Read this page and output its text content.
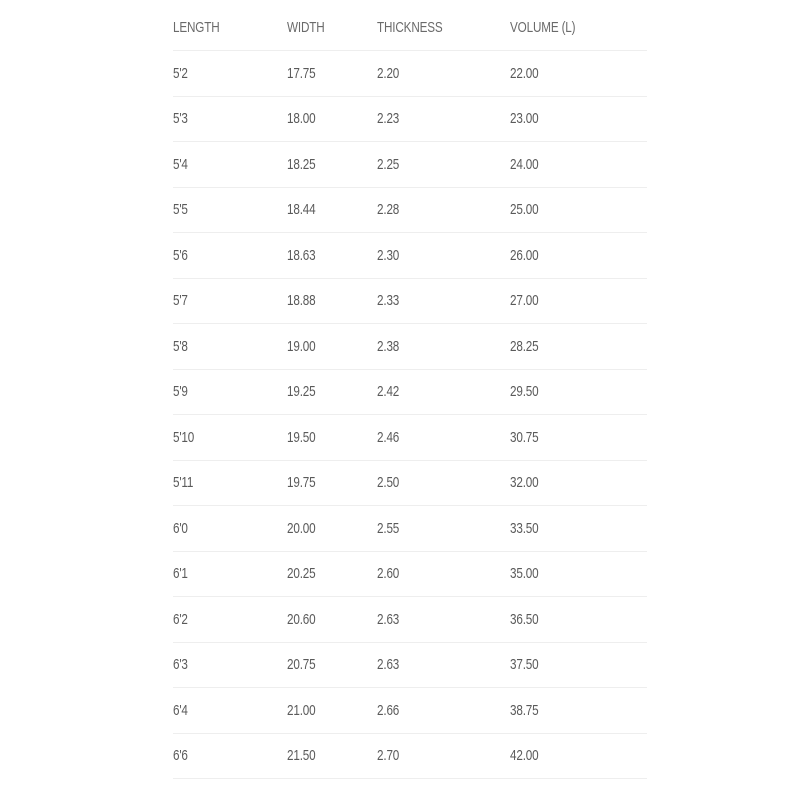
LENGTH	WIDTH	THICKNESS	VOLUME (L)
5'2	17.75	2.20	22.00
5'3	18.00	2.23	23.00
5'4	18.25	2.25	24.00
5'5	18.44	2.28	25.00
5'6	18.63	2.30	26.00
5'7	18.88	2.33	27.00
5'8	19.00	2.38	28.25
5'9	19.25	2.42	29.50
5'10	19.50	2.46	30.75
5'11	19.75	2.50	32.00
6'0	20.00	2.55	33.50
6'1	20.25	2.60	35.00
6'2	20.60	2.63	36.50
6'3	20.75	2.63	37.50
6'4	21.00	2.66	38.75
6'6	21.50	2.70	42.00
